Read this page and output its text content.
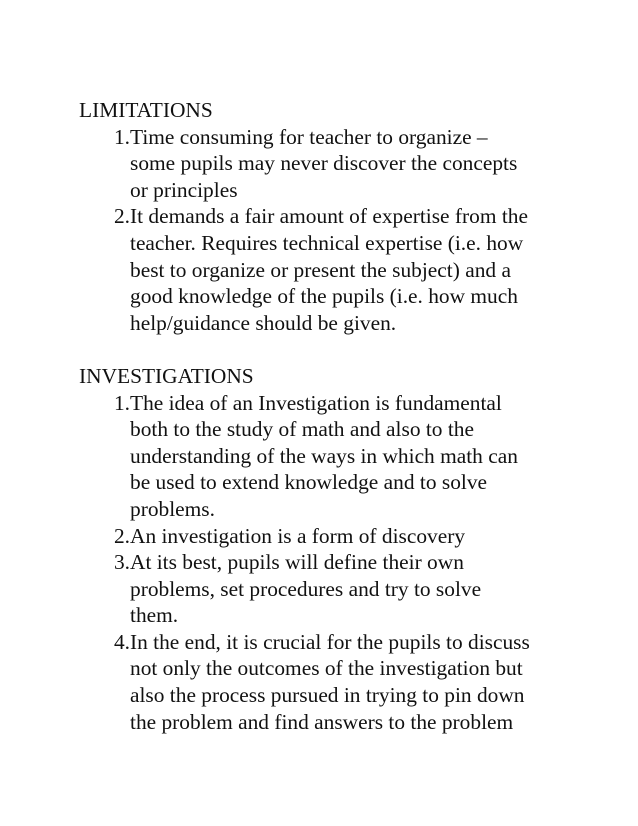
LIMITATIONS
1. Time consuming for teacher to organize –
some pupils may never discover the concepts
or principles
2. It demands a fair amount of expertise from the
teacher. Requires technical expertise (i.e. how
best to organize or present the subject) and a
good knowledge of the pupils (i.e. how much
help/guidance should be given.
INVESTIGATIONS
1. The idea of an Investigation is fundamental
both to the study of math and also to the
understanding of the ways in which math can
be used to extend knowledge and to solve
problems.
2. An investigation is a form of discovery
3. At its best, pupils will define their own
problems, set procedures and try to solve
them.
4. In the end, it is crucial for the pupils to discuss
not only the outcomes of the investigation but
also the process pursued in trying to pin down
the problem and find answers to the problem
